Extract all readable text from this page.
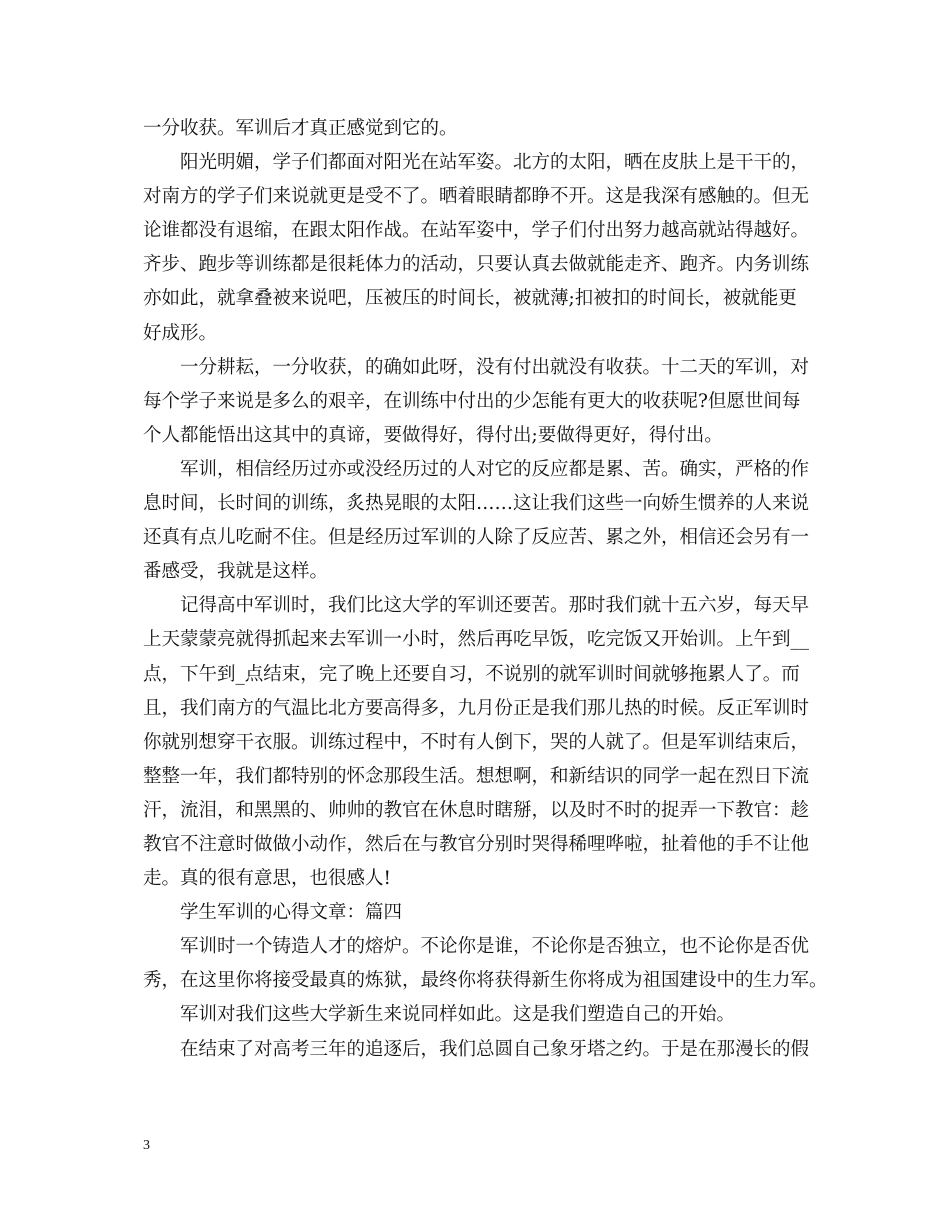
一分收获。军训后才真正感觉到它的。
阳光明媚，学子们都面对阳光在站军姿。北方的太阳，晒在皮肤上是干干的，
对南方的学子们来说就更是受不了。晒着眼睛都睁不开。这是我深有感触的。但无
论谁都没有退缩，在跟太阳作战。在站军姿中，学子们付出努力越高就站得越好。
齐步、跑步等训练都是很耗体力的活动，只要认真去做就能走齐、跑齐。内务训练
亦如此，就拿叠被来说吧，压被压的时间长，被就薄;扣被扣的时间长，被就能更
好成形。
一分耕耘，一分收获，的确如此呀，没有付出就没有收获。十二天的军训，对
每个学子来说是多么的艰辛，在训练中付出的少怎能有更大的收获呢?但愿世间每
个人都能悟出这其中的真谛，要做得好，得付出;要做得更好，得付出。
军训，相信经历过亦或没经历过的人对它的反应都是累、苦。确实，严格的作
息时间，长时间的训练，炙热晃眼的太阳……这让我们这些一向娇生惯养的人来说
还真有点儿吃耐不住。但是经历过军训的人除了反应苦、累之外，相信还会另有一
番感受，我就是这样。
记得高中军训时，我们比这大学的军训还要苦。那时我们就十五六岁，每天早
上天蒙蒙亮就得抓起来去军训一小时，然后再吃早饭，吃完饭又开始训。上午到__
点，下午到_点结束，完了晚上还要自习，不说别的就军训时间就够拖累人了。而
且，我们南方的气温比北方要高得多，九月份正是我们那儿热的时候。反正军训时
你就别想穿干衣服。训练过程中，不时有人倒下，哭的人就了。但是军训结束后，
整整一年，我们都特别的怀念那段生活。想想啊，和新结识的同学一起在烈日下流
汗，流泪，和黑黑的、帅帅的教官在休息时瞎掰，以及时不时的捉弄一下教官：趁
教官不注意时做做小动作，然后在与教官分别时哭得稀哩哗啦，扯着他的手不让他
走。真的很有意思，也很感人!
学生军训的心得文章：篇四
军训时一个铸造人才的熔炉。不论你是谁，不论你是否独立，也不论你是否优
秀，在这里你将接受最真的炼狱，最终你将获得新生你将成为祖国建设中的生力军。
军训对我们这些大学新生来说同样如此。这是我们塑造自己的开始。
在结束了对高考三年的追逐后，我们总圆自己象牙塔之约。于是在那漫长的假
3
